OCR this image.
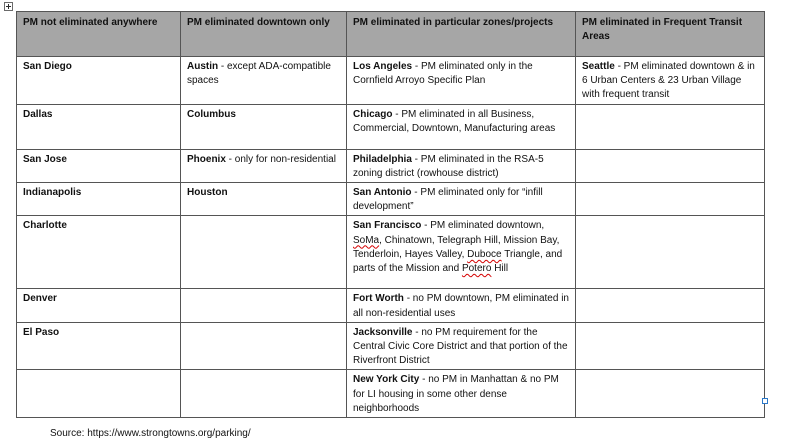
PM not eliminated anywhere	PM eliminated downtown only	PM eliminated in particular zones/projects	PM eliminated in Frequent Transit Areas
San Diego	Austin - except ADA-compatible spaces	Los Angeles - PM eliminated only in the Cornfield Arroyo Specific Plan	Seattle - PM eliminated downtown & in 6 Urban Centers & 23 Urban Village with frequent transit
Dallas	Columbus	Chicago - PM eliminated in all Business, Commercial, Downtown, Manufacturing areas	
San Jose	Phoenix - only for non-residential	Philadelphia - PM eliminated in the RSA-5 zoning district (rowhouse district)	
Indianapolis	Houston	San Antonio - PM eliminated only for “infill development”	
Charlotte		San Francisco - PM eliminated downtown, SoMa, Chinatown, Telegraph Hill, Mission Bay, Tenderloin, Hayes Valley, Duboce Triangle, and parts of the Mission and Potero Hill	
Denver		Fort Worth - no PM downtown, PM eliminated in all non-residential uses	
El Paso		Jacksonville - no PM requirement for the Central Civic Core District and that portion of the Riverfront District	
		New York City - no PM in Manhattan & no PM for LI housing in some other dense neighborhoods	
Source: https://www.strongtowns.org/parking/
